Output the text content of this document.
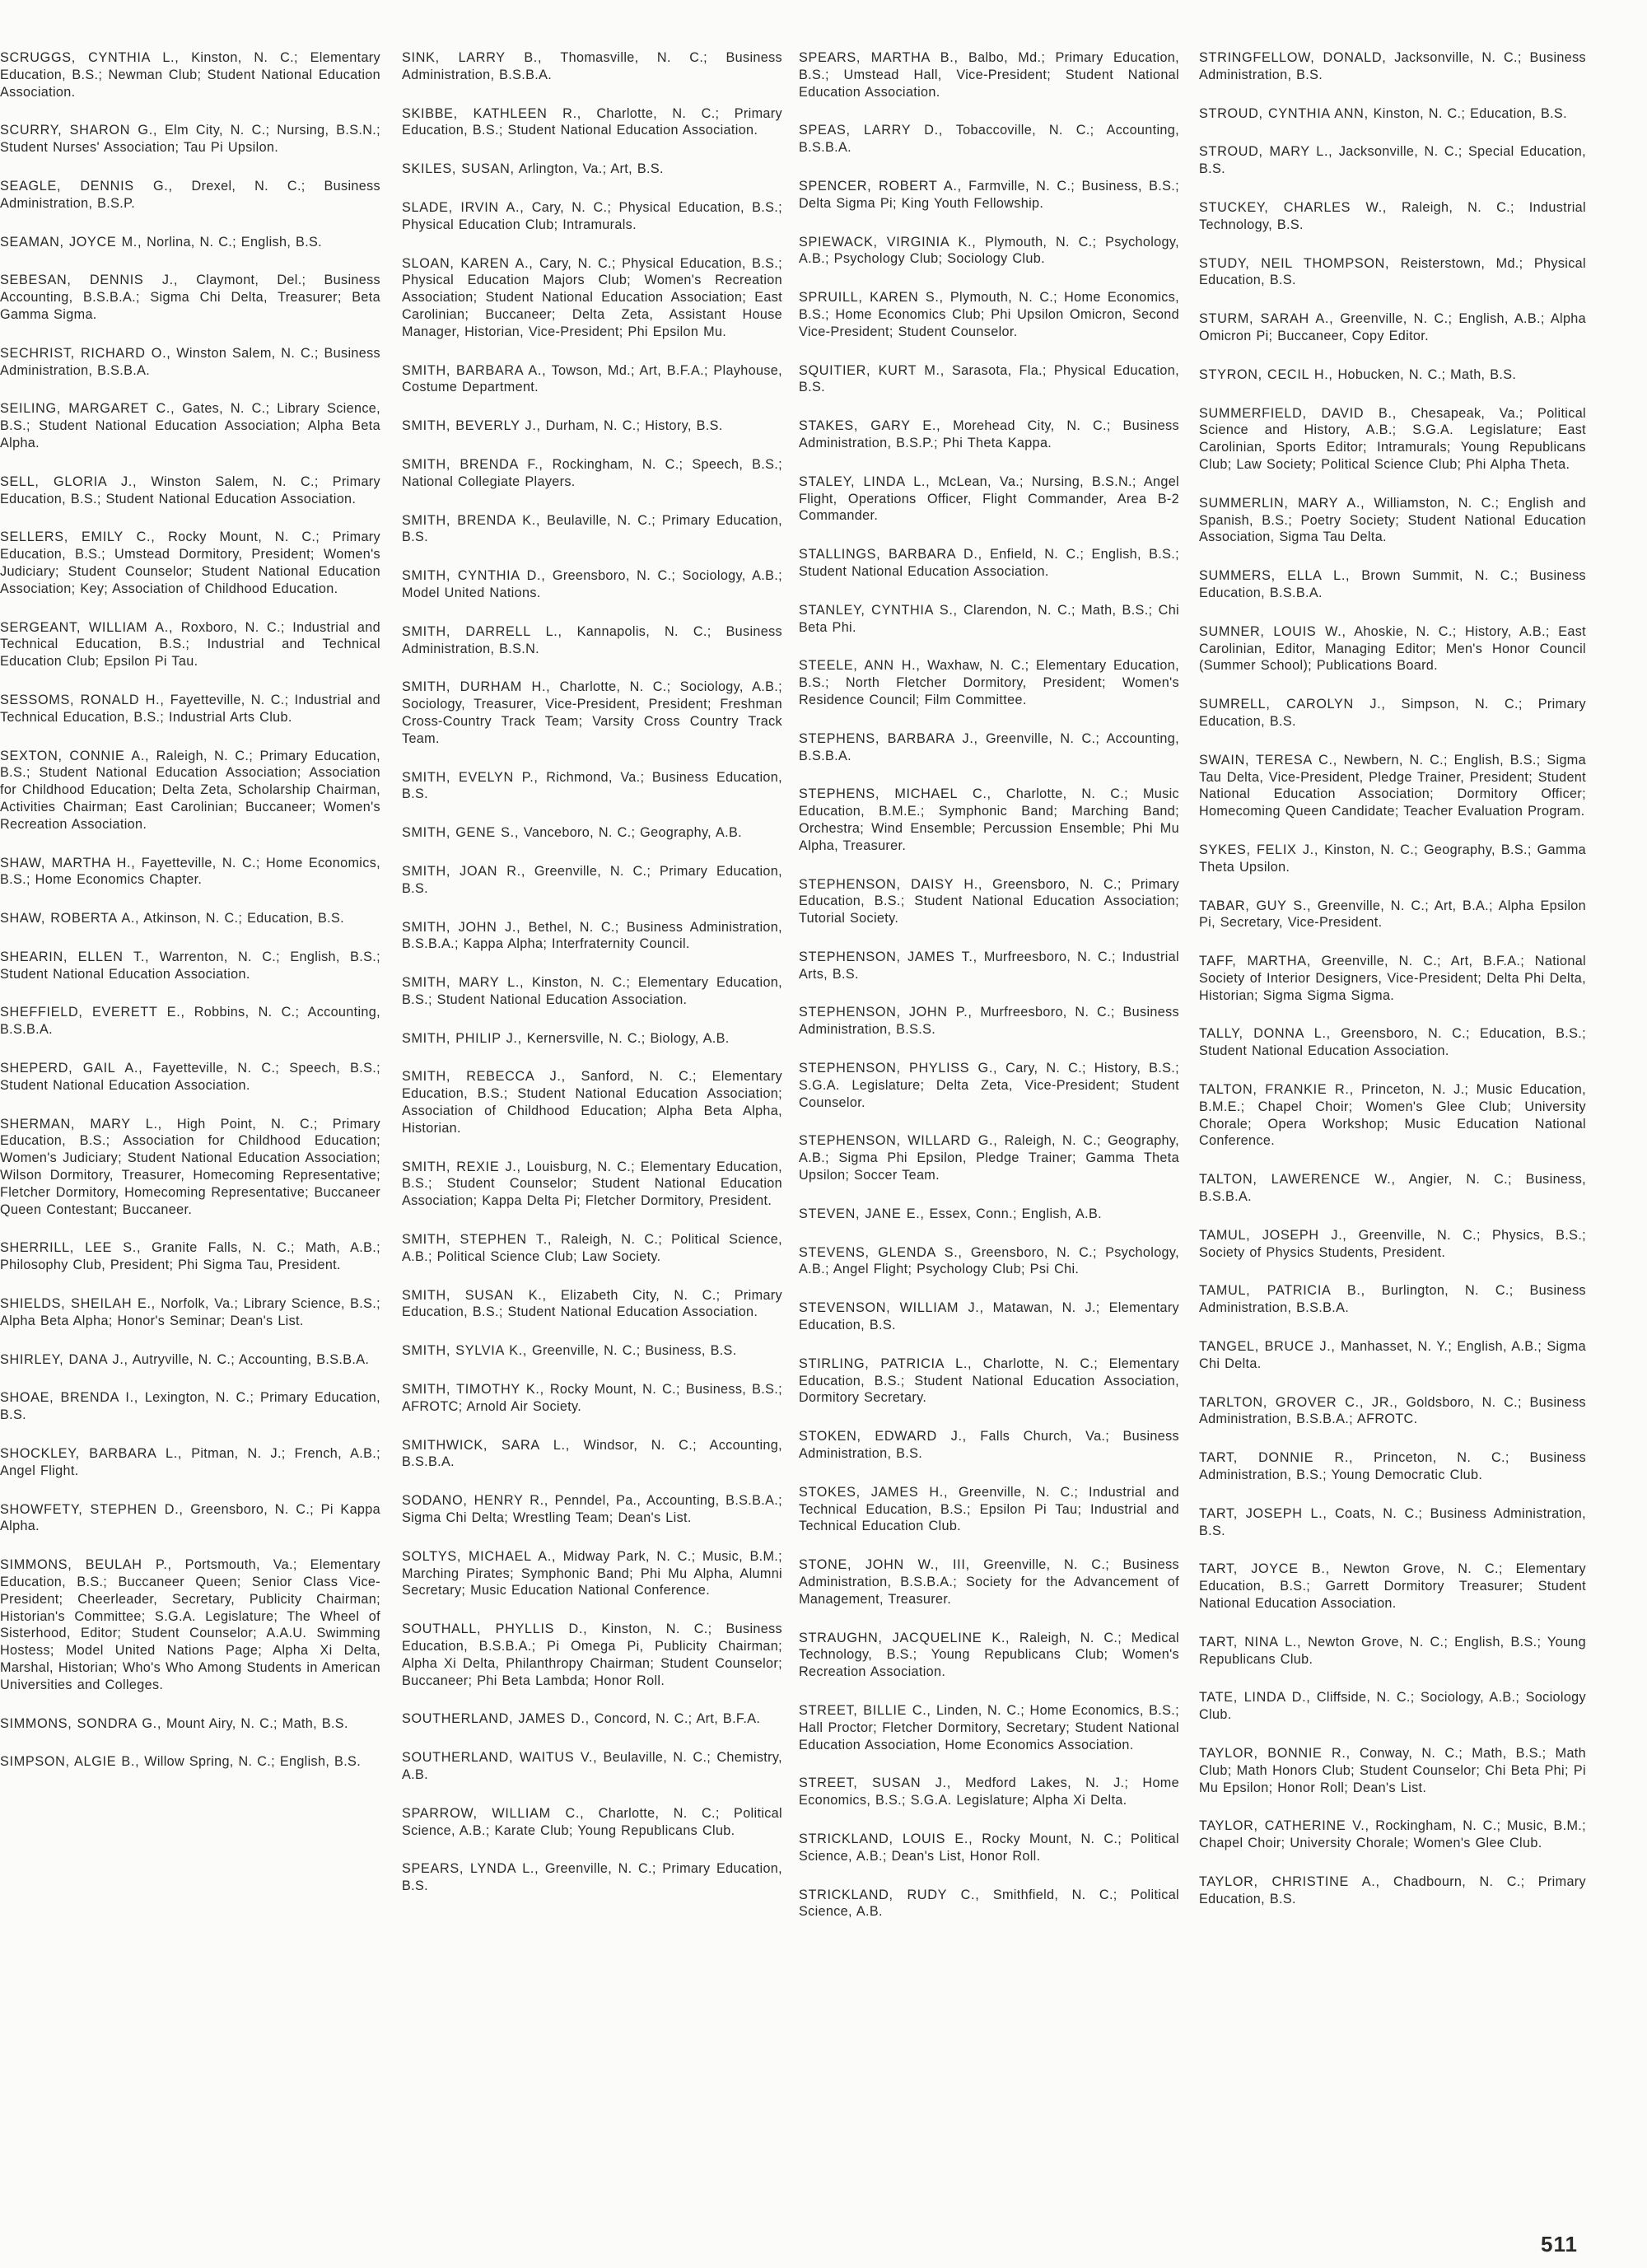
SCRUGGS, CYNTHIA L., Kinston, N. C.; Elementary Education, B.S.; Newman Club; Student National Education Association.

SCURRY, SHARON G., Elm City, N. C.; Nursing, B.S.N.; Student Nurses' Association; Tau Pi Upsilon.

SEAGLE, DENNIS G., Drexel, N. C.; Business Administration, B.S.P.

SEAMAN, JOYCE M., Norlina, N. C.; English, B.S.

SEBESAN, DENNIS J., Claymont, Del.; Business Accounting, B.S.B.A.; Sigma Chi Delta, Treasurer; Beta Gamma Sigma.

SECHRIST, RICHARD O., Winston Salem, N. C.; Business Administration, B.S.B.A.

SEILING, MARGARET C., Gates, N. C.; Library Science, B.S.; Student National Education Association; Alpha Beta Alpha.

SELL, GLORIA J., Winston Salem, N. C.; Primary Education, B.S.; Student National Education Association.

SELLERS, EMILY C., Rocky Mount, N. C.; Primary Education, B.S.; Umstead Dormitory, President; Women's Judiciary; Student Counselor; Student National Education Association; Key; Association of Childhood Education.

SERGEANT, WILLIAM A., Roxboro, N. C.; Industrial and Technical Education, B.S.; Industrial and Technical Education Club; Epsilon Pi Tau.

SESSOMS, RONALD H., Fayetteville, N. C.; Industrial and Technical Education, B.S.; Industrial Arts Club.

SEXTON, CONNIE A., Raleigh, N. C.; Primary Education, B.S.; Student National Education Association; Association for Childhood Education; Delta Zeta, Scholarship Chairman, Activities Chairman; East Carolinian; Buccaneer; Women's Recreation Association.

SHAW, MARTHA H., Fayetteville, N. C.; Home Economics, B.S.; Home Economics Chapter.

SHAW, ROBERTA A., Atkinson, N. C.; Education, B.S.

SHEARIN, ELLEN T., Warrenton, N. C.; English, B.S.; Student National Education Association.

SHEFFIELD, EVERETT E., Robbins, N. C.; Accounting, B.S.B.A.

SHEPERD, GAIL A., Fayetteville, N. C.; Speech, B.S.; Student National Education Association.

SHERMAN, MARY L., High Point, N. C.; Primary Education, B.S.; Association for Childhood Education; Women's Judiciary; Student National Education Association; Wilson Dormitory, Treasurer, Homecoming Representative; Fletcher Dormitory, Homecoming Representative; Buccaneer Queen Contestant; Buccaneer.

SHERRILL, LEE S., Granite Falls, N. C.; Math, A.B.; Philosophy Club, President; Phi Sigma Tau, President.

SHIELDS, SHEILAH E., Norfolk, Va.; Library Science, B.S.; Alpha Beta Alpha; Honor's Seminar; Dean's List.

SHIRLEY, DANA J., Autryville, N. C.; Accounting, B.S.B.A.

SHOAE, BRENDA I., Lexington, N. C.; Primary Education, B.S.

SHOCKLEY, BARBARA L., Pitman, N. J.; French, A.B.; Angel Flight.

SHOWFETY, STEPHEN D., Greensboro, N. C.; Pi Kappa Alpha.

SIMMONS, BEULAH P., Portsmouth, Va.; Elementary Education, B.S.; Buccaneer Queen; Senior Class Vice-President; Cheerleader, Secretary, Publicity Chairman; Historian's Committee; S.G.A. Legislature; The Wheel of Sisterhood, Editor; Student Counselor; A.A.U. Swimming Hostess; Model United Nations Page; Alpha Xi Delta, Marshal, Historian; Who's Who Among Students in American Universities and Colleges.

SIMMONS, SONDRA G., Mount Airy, N. C.; Math, B.S.

SIMPSON, ALGIE B., Willow Spring, N. C.; English, B.S.

SINK, LARRY B., Thomasville, N. C.; Business Administration, B.S.B.A.

SKIBBE, KATHLEEN R., Charlotte, N. C.; Primary Education, B.S.; Student National Education Association.

SKILES, SUSAN, Arlington, Va.; Art, B.S.

SLADE, IRVIN A., Cary, N. C.; Physical Education, B.S.; Physical Education Club; Intramurals.

SLOAN, KAREN A., Cary, N. C.; Physical Education, B.S.; Physical Education Majors Club; Women's Recreation Association; Student National Education Association; East Carolinian; Buccaneer; Delta Zeta, Assistant House Manager, Historian, Vice-President; Phi Epsilon Mu.

SMITH, BARBARA A., Towson, Md.; Art, B.F.A.; Playhouse, Costume Department.

SMITH, BEVERLY J., Durham, N. C.; History, B.S.

SMITH, BRENDA F., Rockingham, N. C.; Speech, B.S.; National Collegiate Players.

SMITH, BRENDA K., Beulaville, N. C.; Primary Education, B.S.

SMITH, CYNTHIA D., Greensboro, N. C.; Sociology, A.B.; Model United Nations.

SMITH, DARRELL L., Kannapolis, N. C.; Business Administration, B.S.N.

SMITH, DURHAM H., Charlotte, N. C.; Sociology, A.B.; Sociology, Treasurer, Vice-President, President; Freshman Cross-Country Track Team; Varsity Cross Country Track Team.

SMITH, EVELYN P., Richmond, Va.; Business Education, B.S.

SMITH, GENE S., Vanceboro, N. C.; Geography, A.B.

SMITH, JOAN R., Greenville, N. C.; Primary Education, B.S.

SMITH, JOHN J., Bethel, N. C.; Business Administration, B.S.B.A.; Kappa Alpha; Interfraternity Council.

SMITH, MARY L., Kinston, N. C.; Elementary Education, B.S.; Student National Education Association.

SMITH, PHILIP J., Kernersville, N. C.; Biology, A.B.

SMITH, REBECCA J., Sanford, N. C.; Elementary Education, B.S.; Student National Education Association; Association of Childhood Education; Alpha Beta Alpha, Historian.

SMITH, REXIE J., Louisburg, N. C.; Elementary Education, B.S.; Student Counselor; Student National Education Association; Kappa Delta Pi; Fletcher Dormitory, President.

SMITH, STEPHEN T., Raleigh, N. C.; Political Science, A.B.; Political Science Club; Law Society.

SMITH, SUSAN K., Elizabeth City, N. C.; Primary Education, B.S.; Student National Education Association.

SMITH, SYLVIA K., Greenville, N. C.; Business, B.S.

SMITH, TIMOTHY K., Rocky Mount, N. C.; Business, B.S.; AFROTC; Arnold Air Society.

SMITHWICK, SARA L., Windsor, N. C.; Accounting, B.S.B.A.

SODANO, HENRY R., Penndel, Pa., Accounting, B.S.B.A.; Sigma Chi Delta; Wrestling Team; Dean's List.

SOLTYS, MICHAEL A., Midway Park, N. C.; Music, B.M.; Marching Pirates; Symphonic Band; Phi Mu Alpha, Alumni Secretary; Music Education National Conference.

SOUTHALL, PHYLLIS D., Kinston, N. C.; Business Education, B.S.B.A.; Pi Omega Pi, Publicity Chairman; Alpha Xi Delta, Philanthropy Chairman; Student Counselor; Buccaneer; Phi Beta Lambda; Honor Roll.

SOUTHERLAND, JAMES D., Concord, N. C.; Art, B.F.A.

SOUTHERLAND, WAITUS V., Beulaville, N. C.; Chemistry, A.B.

SPARROW, WILLIAM C., Charlotte, N. C.; Political Science, A.B.; Karate Club; Young Republicans Club.

SPEARS, LYNDA L., Greenville, N. C.; Primary Education, B.S.

SPEARS, MARTHA B., Balbo, Md.; Primary Education, B.S.; Umstead Hall, Vice-President; Student National Education Association.

SPEAS, LARRY D., Tobaccoville, N. C.; Accounting, B.S.B.A.

SPENCER, ROBERT A., Farmville, N. C.; Business, B.S.; Delta Sigma Pi; King Youth Fellowship.

SPIEWACK, VIRGINIA K., Plymouth, N. C.; Psychology, A.B.; Psychology Club; Sociology Club.

SPRUILL, KAREN S., Plymouth, N. C.; Home Economics, B.S.; Home Economics Club; Phi Upsilon Omicron, Second Vice-President; Student Counselor.

SQUITIER, KURT M., Sarasota, Fla.; Physical Education, B.S.

STAKES, GARY E., Morehead City, N. C.; Business Administration, B.S.P.; Phi Theta Kappa.

STALEY, LINDA L., McLean, Va.; Nursing, B.S.N.; Angel Flight, Operations Officer, Flight Commander, Area B-2 Commander.

STALLINGS, BARBARA D., Enfield, N. C.; English, B.S.; Student National Education Association.

STANLEY, CYNTHIA S., Clarendon, N. C.; Math, B.S.; Chi Beta Phi.

STEELE, ANN H., Waxhaw, N. C.; Elementary Education, B.S.; North Fletcher Dormitory, President; Women's Residence Council; Film Committee.

STEPHENS, BARBARA J., Greenville, N. C.; Accounting, B.S.B.A.

STEPHENS, MICHAEL C., Charlotte, N. C.; Music Education, B.M.E.; Symphonic Band; Marching Band; Orchestra; Wind Ensemble; Percussion Ensemble; Phi Mu Alpha, Treasurer.

STEPHENSON, DAISY H., Greensboro, N. C.; Primary Education, B.S.; Student National Education Association; Tutorial Society.

STEPHENSON, JAMES T., Murfreesboro, N. C.; Industrial Arts, B.S.

STEPHENSON, JOHN P., Murfreesboro, N. C.; Business Administration, B.S.S.

STEPHENSON, PHYLISS G., Cary, N. C.; History, B.S.; S.G.A. Legislature; Delta Zeta, Vice-President; Student Counselor.

STEPHENSON, WILLARD G., Raleigh, N. C.; Geography, A.B.; Sigma Phi Epsilon, Pledge Trainer; Gamma Theta Upsilon; Soccer Team.

STEVEN, JANE E., Essex, Conn.; English, A.B.

STEVENS, GLENDA S., Greensboro, N. C.; Psychology, A.B.; Angel Flight; Psychology Club; Psi Chi.

STEVENSON, WILLIAM J., Matawan, N. J.; Elementary Education, B.S.

STIRLING, PATRICIA L., Charlotte, N. C.; Elementary Education, B.S.; Student National Education Association, Dormitory Secretary.

STOKEN, EDWARD J., Falls Church, Va.; Business Administration, B.S.

STOKES, JAMES H., Greenville, N. C.; Industrial and Technical Education, B.S.; Epsilon Pi Tau; Industrial and Technical Education Club.

STONE, JOHN W., III, Greenville, N. C.; Business Administration, B.S.B.A.; Society for the Advancement of Management, Treasurer.

STRAUGHN, JACQUELINE K., Raleigh, N. C.; Medical Technology, B.S.; Young Republicans Club; Women's Recreation Association.

STREET, BILLIE C., Linden, N. C.; Home Economics, B.S.; Hall Proctor; Fletcher Dormitory, Secretary; Student National Education Association, Home Economics Association.

STREET, SUSAN J., Medford Lakes, N. J.; Home Economics, B.S.; S.G.A. Legislature; Alpha Xi Delta.

STRICKLAND, LOUIS E., Rocky Mount, N. C.; Political Science, A.B.; Dean's List, Honor Roll.

STRICKLAND, RUDY C., Smithfield, N. C.; Political Science, A.B.

STRINGFELLOW, DONALD, Jacksonville, N. C.; Business Administration, B.S.

STROUD, CYNTHIA ANN, Kinston, N. C.; Education, B.S.

STROUD, MARY L., Jacksonville, N. C.; Special Education, B.S.

STUCKEY, CHARLES W., Raleigh, N. C.; Industrial Technology, B.S.

STUDY, NEIL THOMPSON, Reisterstown, Md.; Physical Education, B.S.

STURM, SARAH A., Greenville, N. C.; English, A.B.; Alpha Omicron Pi; Buccaneer, Copy Editor.

STYRON, CECIL H., Hobucken, N. C.; Math, B.S.

SUMMERFIELD, DAVID B., Chesapeak, Va.; Political Science and History, A.B.; S.G.A. Legislature; East Carolinian, Sports Editor; Intramurals; Young Republicans Club; Law Society; Political Science Club; Phi Alpha Theta.

SUMMERLIN, MARY A., Williamston, N. C.; English and Spanish, B.S.; Poetry Society; Student National Education Association, Sigma Tau Delta.

SUMMERS, ELLA L., Brown Summit, N. C.; Business Education, B.S.B.A.

SUMNER, LOUIS W., Ahoskie, N. C.; History, A.B.; East Carolinian, Editor, Managing Editor; Men's Honor Council (Summer School); Publications Board.

SUMRELL, CAROLYN J., Simpson, N. C.; Primary Education, B.S.

SWAIN, TERESA C., Newbern, N. C.; English, B.S.; Sigma Tau Delta, Vice-President, Pledge Trainer, President; Student National Education Association; Dormitory Officer; Homecoming Queen Candidate; Teacher Evaluation Program.

SYKES, FELIX J., Kinston, N. C.; Geography, B.S.; Gamma Theta Upsilon.

TABAR, GUY S., Greenville, N. C.; Art, B.A.; Alpha Epsilon Pi, Secretary, Vice-President.

TAFF, MARTHA, Greenville, N. C.; Art, B.F.A.; National Society of Interior Designers, Vice-President; Delta Phi Delta, Historian; Sigma Sigma Sigma.

TALLY, DONNA L., Greensboro, N. C.; Education, B.S.; Student National Education Association.

TALTON, FRANKIE R., Princeton, N. J.; Music Education, B.M.E.; Chapel Choir; Women's Glee Club; University Chorale; Opera Workshop; Music Education National Conference.

TALTON, LAWERENCE W., Angier, N. C.; Business, B.S.B.A.

TAMUL, JOSEPH J., Greenville, N. C.; Physics, B.S.; Society of Physics Students, President.

TAMUL, PATRICIA B., Burlington, N. C.; Business Administration, B.S.B.A.

TANGEL, BRUCE J., Manhasset, N. Y.; English, A.B.; Sigma Chi Delta.

TARLTON, GROVER C., JR., Goldsboro, N. C.; Business Administration, B.S.B.A.; AFROTC.

TART, DONNIE R., Princeton, N. C.; Business Administration, B.S.; Young Democratic Club.

TART, JOSEPH L., Coats, N. C.; Business Administration, B.S.

TART, JOYCE B., Newton Grove, N. C.; Elementary Education, B.S.; Garrett Dormitory Treasurer; Student National Education Association.

TART, NINA L., Newton Grove, N. C.; English, B.S.; Young Republicans Club.

TATE, LINDA D., Cliffside, N. C.; Sociology, A.B.; Sociology Club.

TAYLOR, BONNIE R., Conway, N. C.; Math, B.S.; Math Club; Math Honors Club; Student Counselor; Chi Beta Phi; Pi Mu Epsilon; Honor Roll; Dean's List.

TAYLOR, CATHERINE V., Rockingham, N. C.; Music, B.M.; Chapel Choir; University Chorale; Women's Glee Club.

TAYLOR, CHRISTINE A., Chadbourn, N. C.; Primary Education, B.S.

511
